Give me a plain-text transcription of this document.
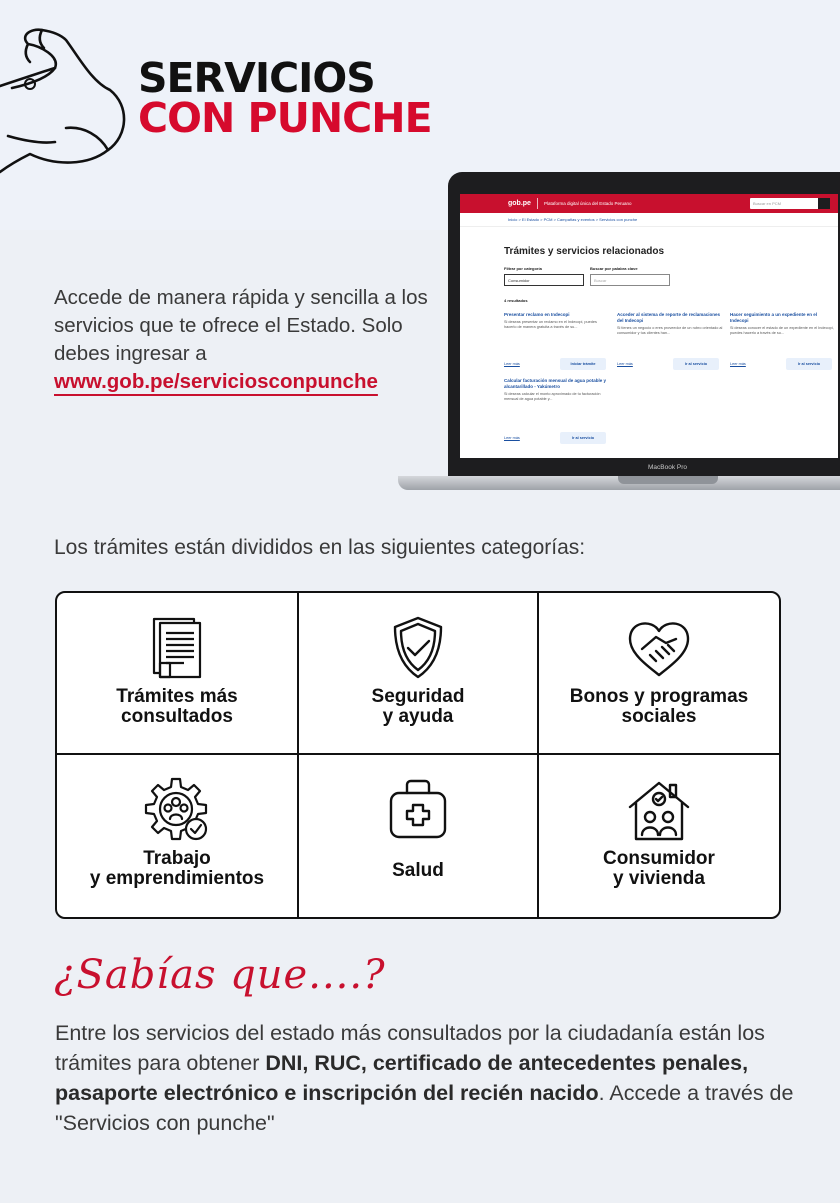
SERVICIOS
CON PUNCHE
Accede de manera rápida y sencilla a los servicios que te ofrece el Estado. Solo debes ingresar a www.gob.pe/serviciosconpunche
gob.pe	Plataforma digital única del Estado Peruano	Buscar en PCM
Inicio > El Estado > PCM > Campañas y eventos > Servicios con punche
Trámites y servicios relacionados
Filtrar por categoría	Buscar por palabra clave
Consumidor	Buscar
4 resultados
Presentar reclamo en Indecopi
Si deseas presentar un reclamo en el Indecopi, puedes hacerlo de manera gratuita a través de su...
Leer más	Iniciar trámite
Acceder al sistema de reporte de reclamaciones del Indecopi
Si tienes un negocio o eres proveedor de un rubro orientado al consumidor y tus clientes han...
Leer más	Ir al servicio
Hacer seguimiento a un expediente en el Indecopi
Si deseas conocer el estado de un expediente en el Indecopi, puedes hacerlo a través de su...
Leer más	Ir al servicio
Calcular facturación mensual de agua potable y alcantarillado - Yakúmetro
Si deseas calcular el monto aproximado de tu facturación mensual de agua potable y...
Leer más	Ir al servicio
MacBook Pro
Los trámites están divididos en las siguientes categorías:
Trámites más
consultados
Seguridad
y ayuda
Bonos y programas
sociales
Trabajo
y emprendimientos	Salud
Consumidor
y vivienda
¿Sabías que....?
Entre los servicios del estado más consultados por la ciudadanía están los trámites para obtener DNI, RUC, certificado de antecedentes penales, pasaporte electrónico e inscripción del recién nacido. Accede a través de "Servicios con punche"
